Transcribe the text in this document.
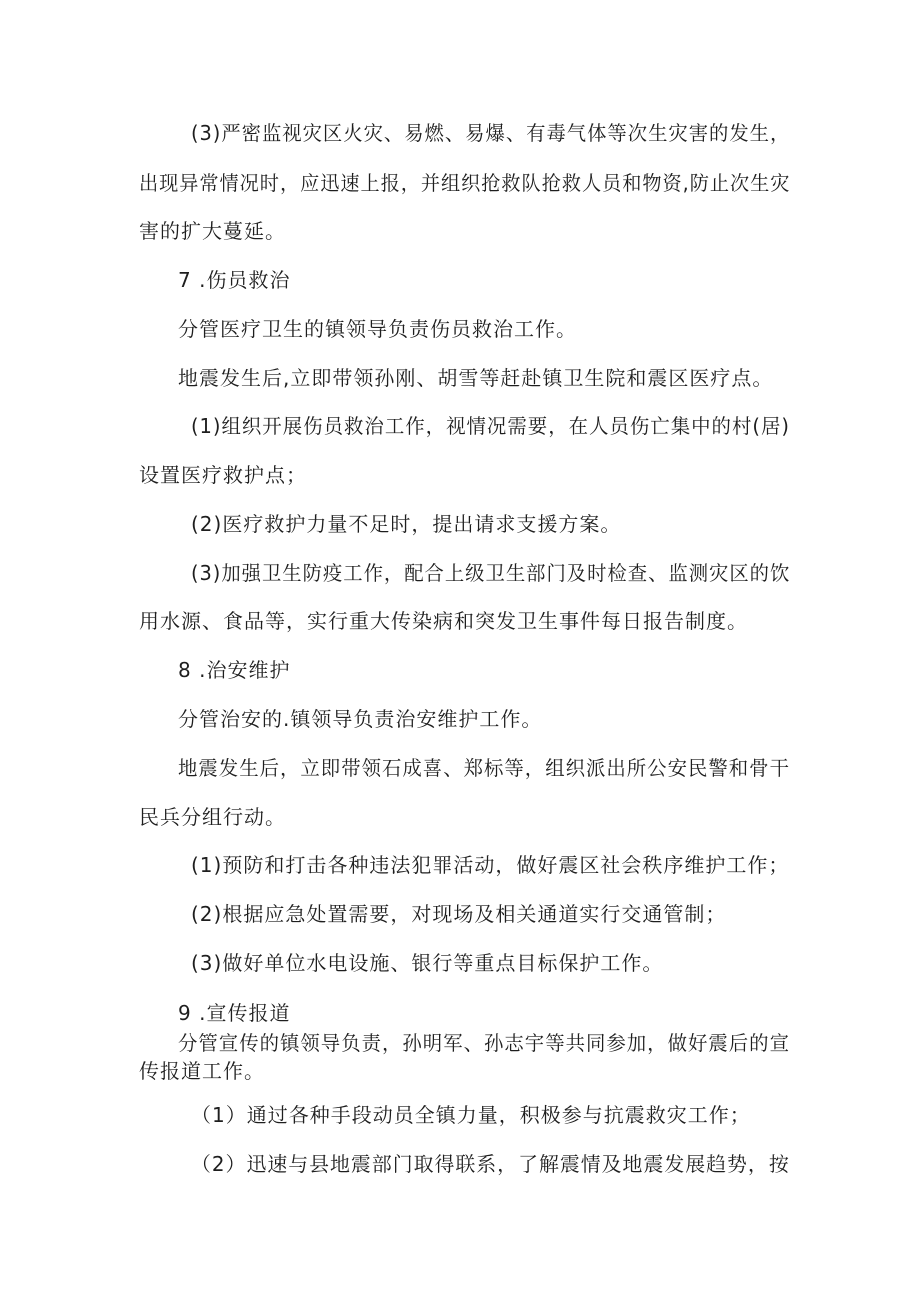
(3)严密监视灾区火灾、易燃、易爆、有毒气体等次生灾害的发生，
出现异常情况时，应迅速上报，并组织抢救队抢救人员和物资,防止次生灾
害的扩大蔓延。
7 .伤员救治
分管医疗卫生的镇领导负责伤员救治工作。
地震发生后,立即带领孙刚、胡雪等赶赴镇卫生院和震区医疗点。
(1)组织开展伤员救治工作，视情况需要，在人员伤亡集中的村(居)
设置医疗救护点；
(2)医疗救护力量不足时，提出请求支援方案。
(3)加强卫生防疫工作，配合上级卫生部门及时检查、监测灾区的饮
用水源、食品等，实行重大传染病和突发卫生事件每日报告制度。
8 .治安维护
分管治安的.镇领导负责治安维护工作。
地震发生后，立即带领石成喜、郑标等，组织派出所公安民警和骨干
民兵分组行动。
(1)预防和打击各种违法犯罪活动，做好震区社会秩序维护工作；
(2)根据应急处置需要，对现场及相关通道实行交通管制；
(3)做好单位水电设施、银行等重点目标保护工作。
9 .宣传报道
分管宣传的镇领导负责，孙明军、孙志宇等共同参加，做好震后的宣
传报道工作。
（1）通过各种手段动员全镇力量，积极参与抗震救灾工作；
（2）迅速与县地震部门取得联系，了解震情及地震发展趋势，按
